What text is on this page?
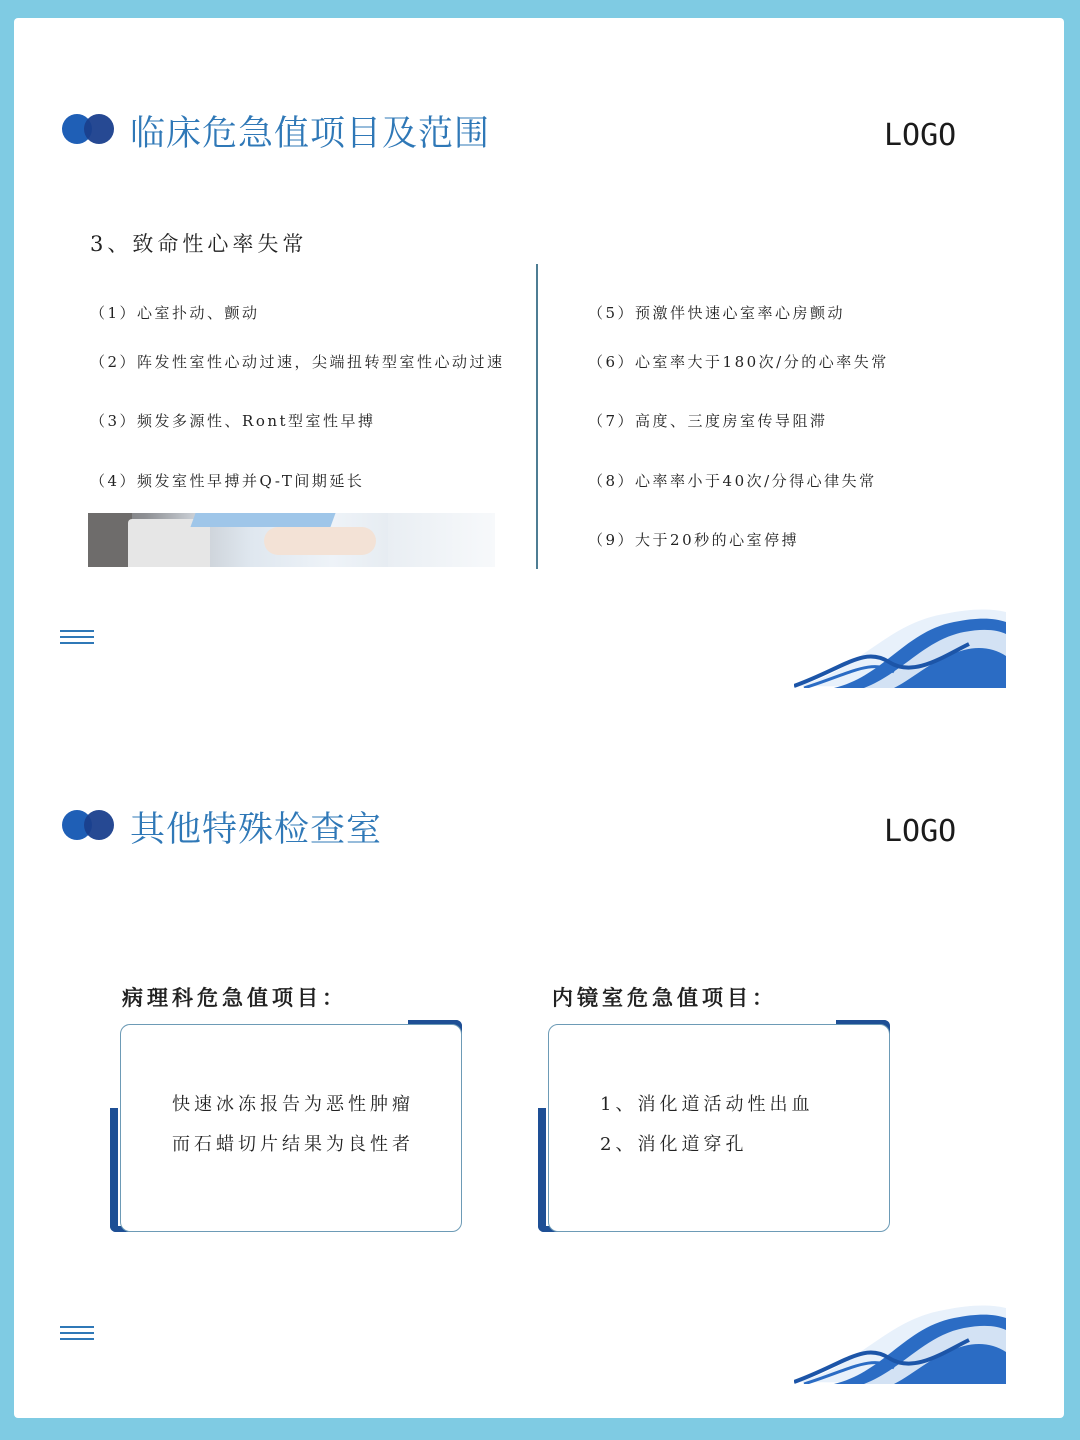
临床危急值项目及范围	LOGO
3、致命性心率失常
（1）心室扑动、颤动
（2）阵发性室性心动过速，尖端扭转型室性心动过速
（3）频发多源性、Ront型室性早搏
（4）频发室性早搏并Q-T间期延长
（5）预激伴快速心室率心房颤动
（6）心室率大于180次/分的心率失常
（7）高度、三度房室传导阻滞
（8）心率率小于40次/分得心律失常
（9）大于20秒的心室停搏
其他特殊检查室	LOGO
病理科危急值项目：	内镜室危急值项目：
快速冰冻报告为恶性肿瘤
而石蜡切片结果为良性者
1、消化道活动性出血
2、消化道穿孔
